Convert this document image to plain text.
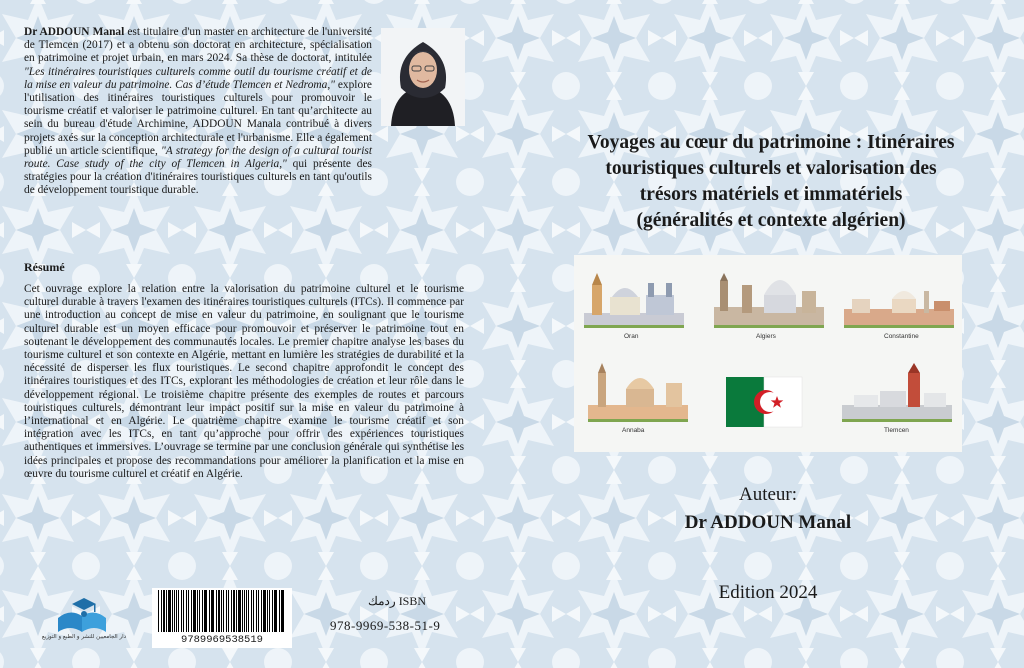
Dr ADDOUN Manal est titulaire d'un master en architecture de l'université de Tlemcen (2017) et a obtenu son doctorat en architecture, spécialisation en patrimoine et projet urbain, en mars 2024. Sa thèse de doctorat, intitulée "Les itinéraires touristiques culturels comme outil du tourisme créatif et de la mise en valeur du patrimoine. Cas d’étude Tlemcen et Nedroma," explore l'utilisation des itinéraires touristiques culturels pour promouvoir le tourisme créatif et valoriser le patrimoine culturel. En tant qu’architecte au sein du bureau d'étude Archimine, ADDOUN Manala contribué à divers projets axés sur la conception architecturale et l'urbanisme. Elle a également publié un article scientifique, "A strategy for the design of a cultural tourist route. Case study of the city of Tlemcen in Algeria," qui présente des stratégies pour la création d'itinéraires touristiques culturels en tant qu'outils de développement touristique durable.
Résumé
Cet ouvrage explore la relation entre la valorisation du patrimoine culturel et le tourisme culturel durable à travers l'examen des itinéraires touristiques culturels (ITCs). Il commence par une introduction au concept de mise en valeur du patrimoine, en soulignant que le tourisme culturel durable est un moyen efficace pour promouvoir et préserver le patrimoine tout en soutenant le développement des communautés locales. Le premier chapitre analyse les bases du tourisme culturel et son contexte en Algérie, mettant en lumière les stratégies de durabilité et la nécessité de disperser les flux touristiques. Le second chapitre approfondit le concept des itinéraires touristiques et des ITCs, explorant les méthodologies de création et leur rôle dans le développement régional. Le troisième chapitre présente des exemples de routes et parcours touristiques culturels, démontrant leur impact positif sur la mise en valeur du patrimoine à l’international et en Algérie. Le quatrième chapitre examine le tourisme créatif et son intégration avec les ITCs, en tant qu’approche pour offrir des expériences touristiques authentiques et immersives. L’ouvrage se termine par une conclusion générale qui synthétise les idées principales et propose des recommandations pour améliorer la planification et la mise en œuvre du tourisme culturel et créatif en Algérie.
دار الجامعيين للنشر و الطبع و التوزيع	9789969538519
ردمك ISBN
978-9969-538-51-9
Voyages au cœur du patrimoine : Itinéraires
touristiques culturels et valorisation des
trésors matériels et immatériels
(généralités et contexte algérien)
Oran	Algiers	Constantine
Annaba	Tlemcen
Auteur:
Dr ADDOUN Manal
Edition 2024
